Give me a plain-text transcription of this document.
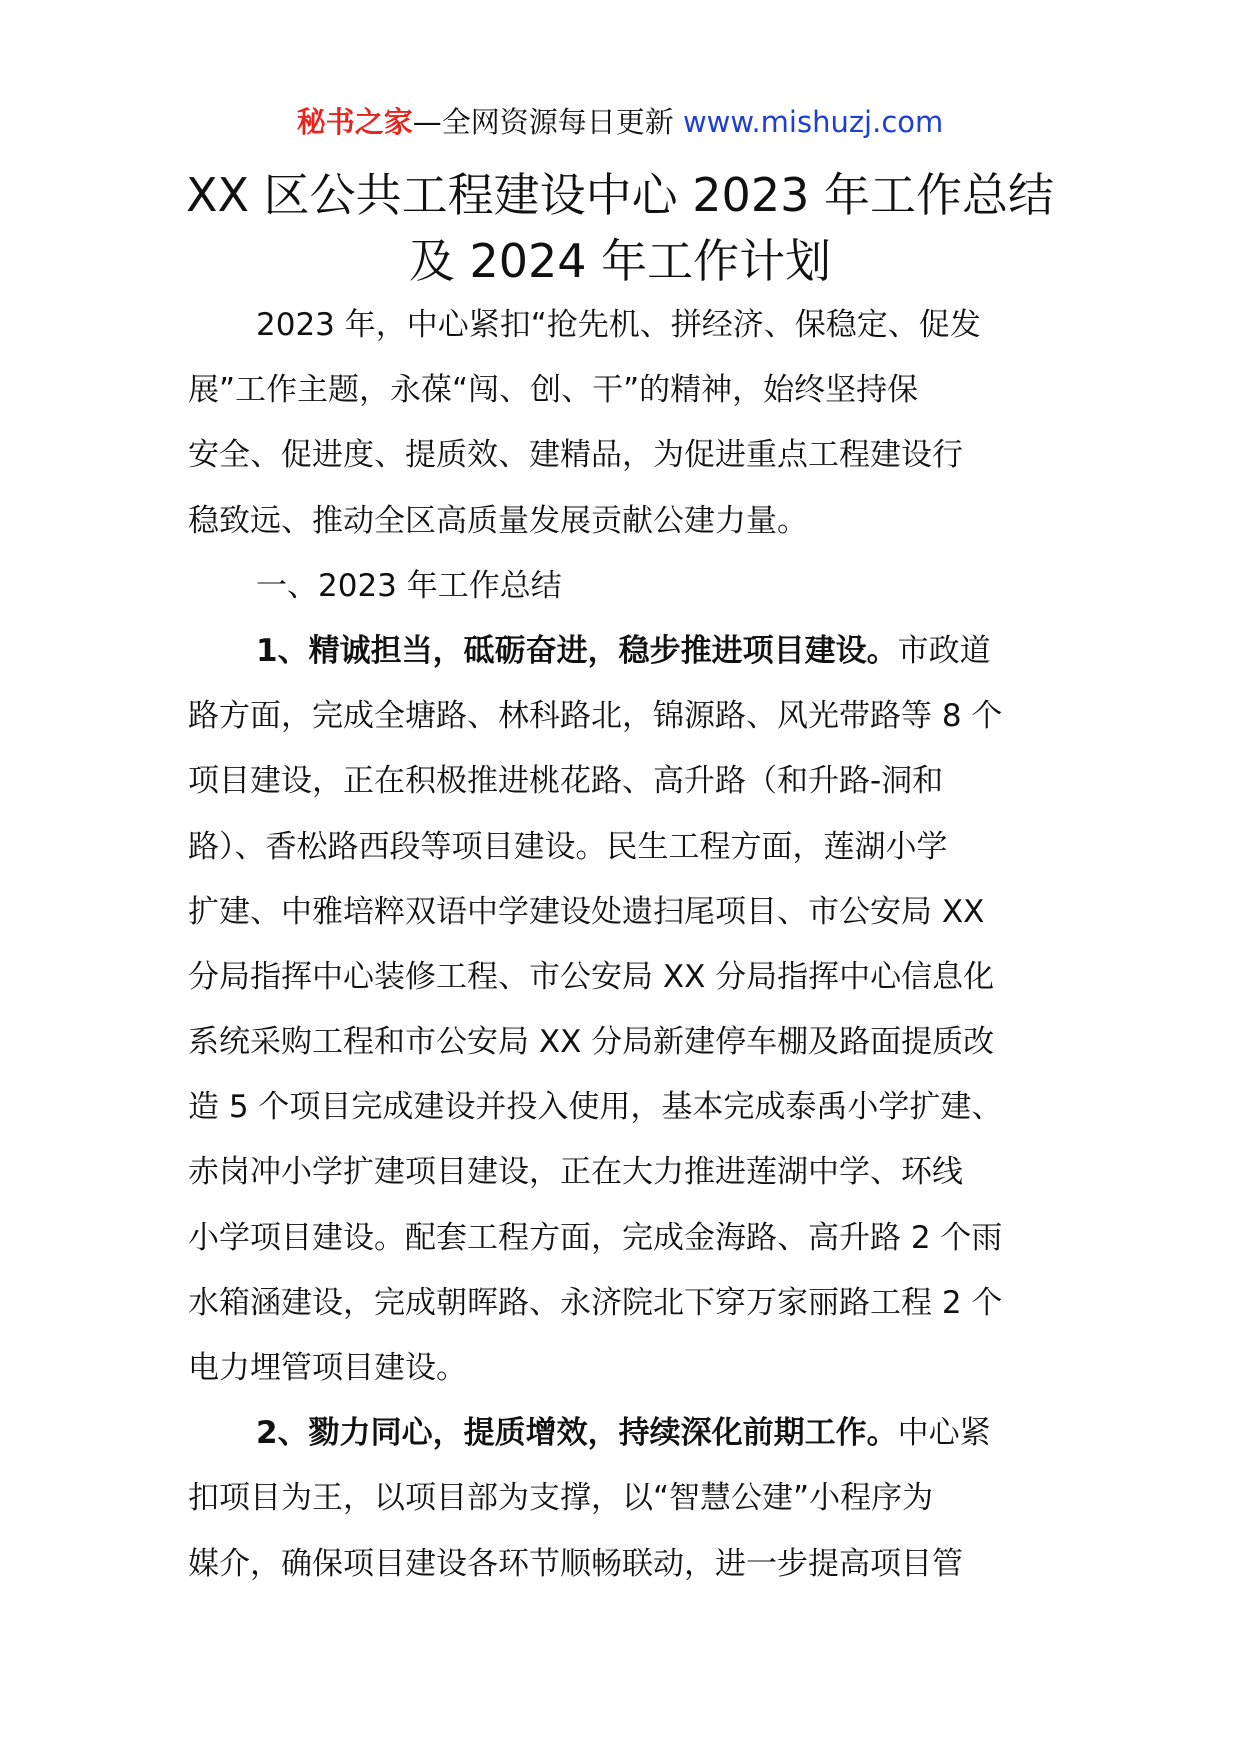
秘书之家—全网资源每日更新 www.mishuzj.com
XX 区公共工程建设中心 2023 年工作总结
及 2024 年工作计划

2023 年，中心紧扣“抢先机、拼经济、保稳定、促发
展”工作主题，永葆“闯、创、干”的精神，始终坚持保
安全、促进度、提质效、建精品，为促进重点工程建设行
稳致远、推动全区高质量发展贡献公建力量。

一、2023 年工作总结

1、精诚担当，砥砺奋进，稳步推进项目建设。市政道
路方面，完成全塘路、林科路北，锦源路、风光带路等 8 个
项目建设，正在积极推进桃花路、高升路（和升路-洞和
路）、香松路西段等项目建设。民生工程方面，莲湖小学
扩建、中雅培粹双语中学建设处遗扫尾项目、市公安局 XX
分局指挥中心装修工程、市公安局 XX 分局指挥中心信息化
系统采购工程和市公安局 XX 分局新建停车棚及路面提质改
造 5 个项目完成建设并投入使用，基本完成泰禹小学扩建、
赤岗冲小学扩建项目建设，正在大力推进莲湖中学、环线
小学项目建设。配套工程方面，完成金海路、高升路 2 个雨
水箱涵建设，完成朝晖路、永济院北下穿万家丽路工程 2 个
电力埋管项目建设。

2、勠力同心，提质增效，持续深化前期工作。中心紧
扣项目为王，以项目部为支撑，以“智慧公建”小程序为
媒介，确保项目建设各环节顺畅联动，进一步提高项目管
